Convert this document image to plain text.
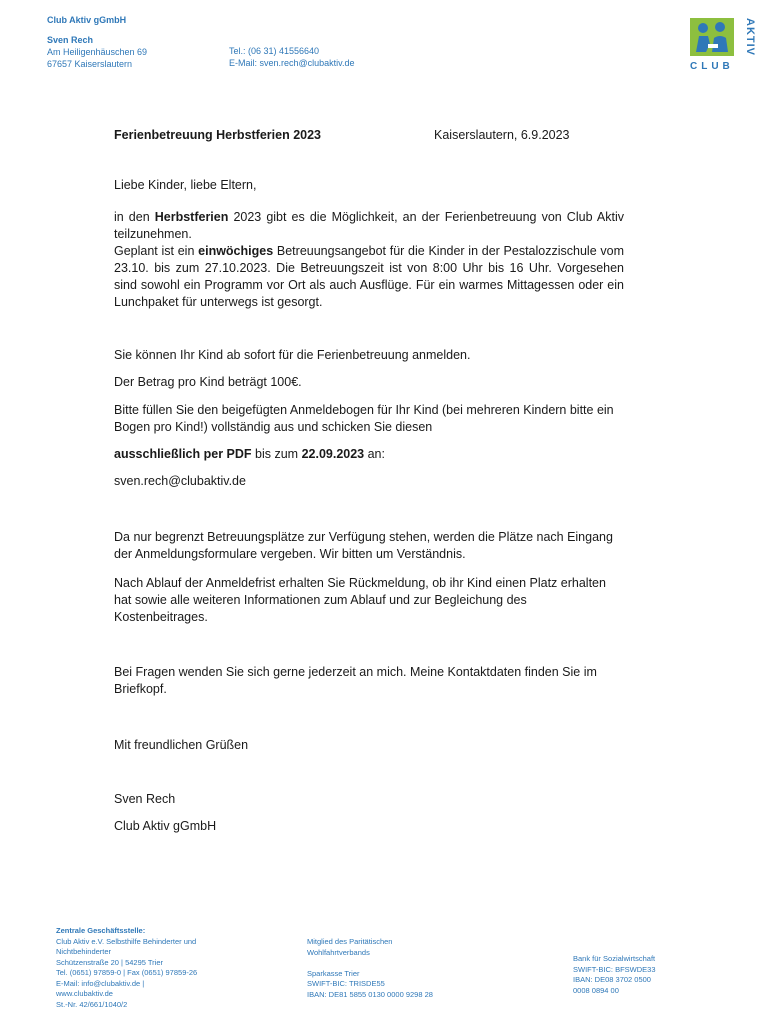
Club Aktiv gGmbH
Sven Rech
Am Heiligenhäuschen 69
67657 Kaiserslautern
Tel.: (06 31) 41556640
E-Mail: sven.rech@clubaktiv.de
AKTIV
CLUB
Ferienbetreuung Herbstferien 2023	Kaiserslautern, 6.9.2023

Liebe Kinder, liebe Eltern,

in den Herbstferien 2023 gibt es die Möglichkeit, an der Ferienbetreuung von Club Aktiv teilzunehmen.
Geplant ist ein einwöchiges Betreuungsangebot für die Kinder in der Pestalozzischule vom 23.10. bis zum 27.10.2023. Die Betreuungszeit ist von 8:00 Uhr bis 16 Uhr. Vorgesehen sind sowohl ein Programm vor Ort als auch Ausflüge. Für ein warmes Mittagessen oder ein Lunchpaket für unterwegs ist gesorgt.

Sie können Ihr Kind ab sofort für die Ferienbetreuung anmelden.

Der Betrag pro Kind beträgt 100€.

Bitte füllen Sie den beigefügten Anmeldebogen für Ihr Kind (bei mehreren Kindern bitte ein Bogen pro Kind!) vollständig aus und schicken Sie diesen

ausschließlich per PDF bis zum 22.09.2023 an:

sven.rech@clubaktiv.de

Da nur begrenzt Betreuungsplätze zur Verfügung stehen, werden die Plätze nach Eingang der Anmeldungsformulare vergeben. Wir bitten um Verständnis.

Nach Ablauf der Anmeldefrist erhalten Sie Rückmeldung, ob ihr Kind einen Platz erhalten hat sowie alle weiteren Informationen zum Ablauf und zur Begleichung des Kostenbeitrages.

Bei Fragen wenden Sie sich gerne jederzeit an mich. Meine Kontaktdaten finden Sie im Briefkopf.

Mit freundlichen Grüßen

Sven Rech

Club Aktiv gGmbH

Zentrale Geschäftsstelle:
Club Aktiv e.V. Selbsthilfe Behinderter und
Nichtbehinderter
Schützenstraße 20 | 54295 Trier
Tel. (0651) 97859-0 | Fax (0651) 97859-26
E-Mail: info@clubaktiv.de |
www.clubaktiv.de
St.-Nr. 42/661/1040/2
Mitglied des Paritätischen
Wohlfahrtverbands
Sparkasse Trier
SWIFT-BIC: TRISDE55
IBAN: DE81 5855 0130 0000 9298 28
Bank für Sozialwirtschaft
SWIFT-BIC: BFSWDE33
IBAN: DE08 3702 0500
0008 0894 00
